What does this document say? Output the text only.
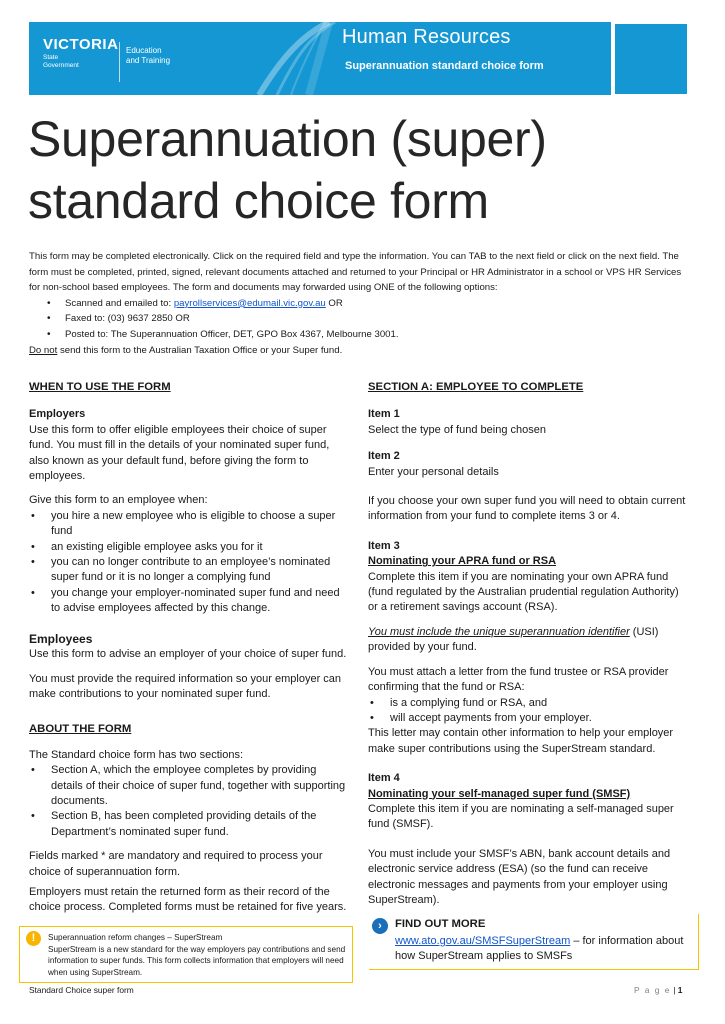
VICTORIA
State
Government
Education
and Training
Human Resources
Superannuation standard choice form
Superannuation (super)
standard choice form

This form may be completed electronically. Click on the required field and type the information. You can TAB to the next field or click on the next field. The form must be completed, printed, signed, relevant documents attached and returned to your Principal or HR Administrator in a school or VPS HR Services for non-school based employees. The form and documents may forwarded using ONE of the following options:

• Scanned and emailed to: payrollservices@edumail.vic.gov.au OR
• Faxed to: (03) 9637 2850 OR
• Posted to: The Superannuation Officer, DET, GPO Box 4367, Melbourne 3001.

Do not send this form to the Australian Taxation Office or your Super fund.

WHEN TO USE THE FORM

Employers

Use this form to offer eligible employees their choice of super fund. You must fill in the details of your nominated super fund, also known as your default fund, before giving the form to employees.

Give this form to an employee when:

• you hire a new employee who is eligible to choose a super fund
• an existing eligible employee asks you for it
• you can no longer contribute to an employee’s nominated super fund or it is no longer a complying fund
• you change your employer‐nominated super fund and need to advise employees affected by this change.

Employees

Use this form to advise an employer of your choice of super fund.

You must provide the required information so your employer can make contributions to your nominated super fund.

ABOUT THE FORM

The Standard choice form has two sections:

• Section A, which the employee completes by providing details of their choice of super fund, together with supporting documents.
• Section B, has been completed providing details of the Department’s nominated super fund.

Fields marked * are mandatory and required to process your choice of superannuation form.

Employers must retain the returned form as their record of the choice process. Completed forms must be retained for five years.

SECTION A: EMPLOYEE TO COMPLETE

Item 1

Select the type of fund being chosen

Item 2

Enter your personal details

If you choose your own super fund you will need to obtain current information from your fund to complete items 3 or 4.

Item 3

Nominating your APRA fund or RSA

Complete this item if you are nominating your own APRA fund (fund regulated by the Australian prudential regulation Authority) or a retirement savings account (RSA).

You must include the unique superannuation identifier (USI) provided by your fund.

You must attach a letter from the fund trustee or RSA provider confirming that the fund or RSA:

• is a complying fund or RSA, and
• will accept payments from your employer.

This letter may contain other information to help your employer make super contributions using the SuperStream standard.

Item 4

Nominating your self-managed super fund (SMSF)

Complete this item if you are nominating a self‐managed super fund (SMSF).

You must include your SMSF’s ABN, bank account details and electronic service address (ESA) (so the fund can receive electronic messages and payments from your employer using SuperStream).

!	Superannuation reform changes – SuperStream
SuperStream is a new standard for the way employers pay contributions and send information to super funds. This form collects information that employers will need when using SuperStream.
›	FIND OUT MORE
www.ato.gov.au/SMSFSuperStream – for information about how SuperStream applies to SMSFs
Standard Choice super form	P a g e | 1
